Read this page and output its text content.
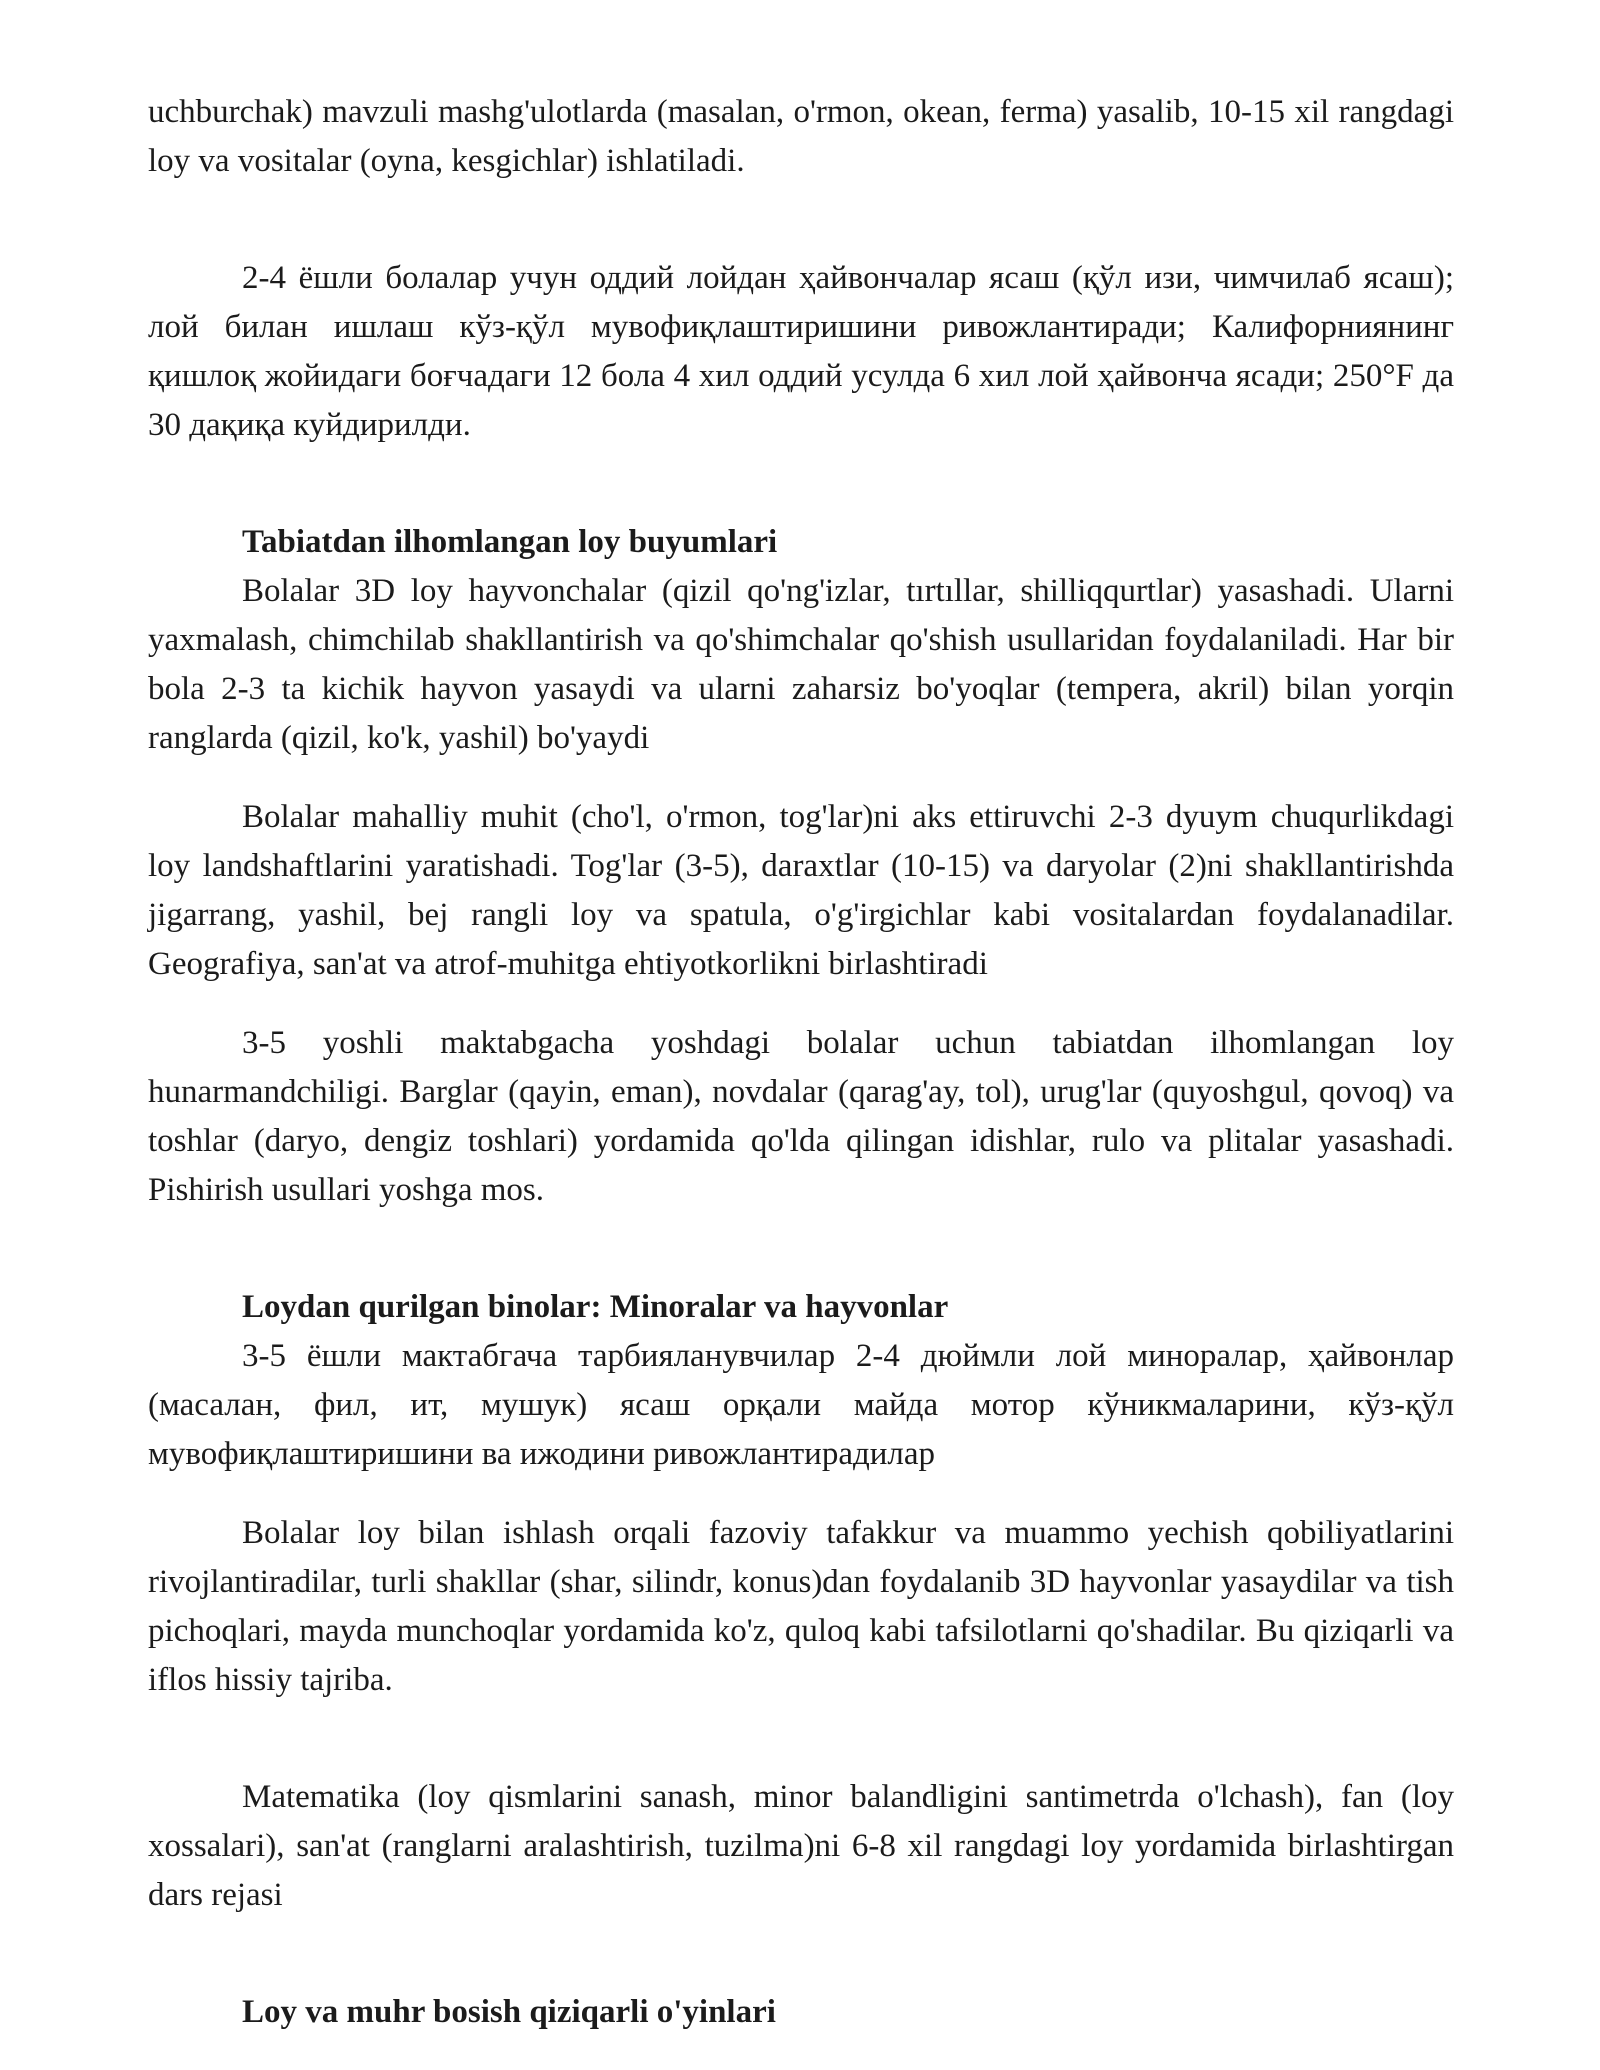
uchburchak) mavzuli mashg'ulotlarda (masalan, o'rmon, okean, ferma) yasalib, 10-15 xil rangdagi loy va vositalar (oyna, kesgichlar) ishlatiladi.

2-4 ёшли болалар учун оддий лойдан ҳайвончалар ясаш (қўл изи, чимчилаб ясаш); лой билан ишлаш кўз-қўл мувофиқлаштиришини ривожлантиради; Калифорниянинг қишлоқ жойидаги боғчадаги 12 бола 4 хил оддий усулда 6 хил лой ҳайвонча ясади; 250°F да 30 дақиқа куйдирилди.

Tabiatdan ilhomlangan loy buyumlari

Bolalar 3D loy hayvonchalar (qizil qo'ng'izlar, tırtıllar, shilliqqurtlar) yasashadi. Ularni yaxmalash, chimchilab shakllantirish va qo'shimchalar qo'shish usullaridan foydalaniladi. Har bir bola 2-3 ta kichik hayvon yasaydi va ularni zaharsiz bo'yoqlar (tempera, akril) bilan yorqin ranglarda (qizil, ko'k, yashil) bo'yaydi

Bolalar mahalliy muhit (cho'l, o'rmon, tog'lar)ni aks ettiruvchi 2-3 dyuym chuqurlikdagi loy landshaftlarini yaratishadi. Tog'lar (3-5), daraxtlar (10-15) va daryolar (2)ni shakllantirishda jigarrang, yashil, bej rangli loy va spatula, o'g'irgichlar kabi vositalardan foydalanadilar. Geografiya, san'at va atrof-muhitga ehtiyotkorlikni birlashtiradi

3-5 yoshli maktabgacha yoshdagi bolalar uchun tabiatdan ilhomlangan loy hunarmandchiligi. Barglar (qayin, eman), novdalar (qarag'ay, tol), urug'lar (quyoshgul, qovoq) va toshlar (daryo, dengiz toshlari) yordamida qo'lda qilingan idishlar, rulo va plitalar yasashadi. Pishirish usullari yoshga mos.

Loydan qurilgan binolar: Minoralar va hayvonlar

3-5 ёшли мактабгача тарбияланувчилар 2-4 дюймли лой миноралар, ҳайвонлар (масалан, фил, ит, мушук) ясаш орқали майда мотор кўникмаларини, кўз-қўл мувофиқлаштиришини ва ижодини ривожлантирадилар

Bolalar loy bilan ishlash orqali fazoviy tafakkur va muammo yechish qobiliyatlarini rivojlantiradilar, turli shakllar (shar, silindr, konus)dan foydalanib 3D hayvonlar yasaydilar va tish pichoqlari, mayda munchoqlar yordamida ko'z, quloq kabi tafsilotlarni qo'shadilar. Bu qiziqarli va iflos hissiy tajriba.

Matematika (loy qismlarini sanash, minor balandligini santimetrda o'lchash), fan (loy xossalari), san'at (ranglarni aralashtirish, tuzilma)ni 6-8 xil rangdagi loy yordamida birlashtirgan dars rejasi

Loy va muhr bosish qiziqarli o'yinlari
